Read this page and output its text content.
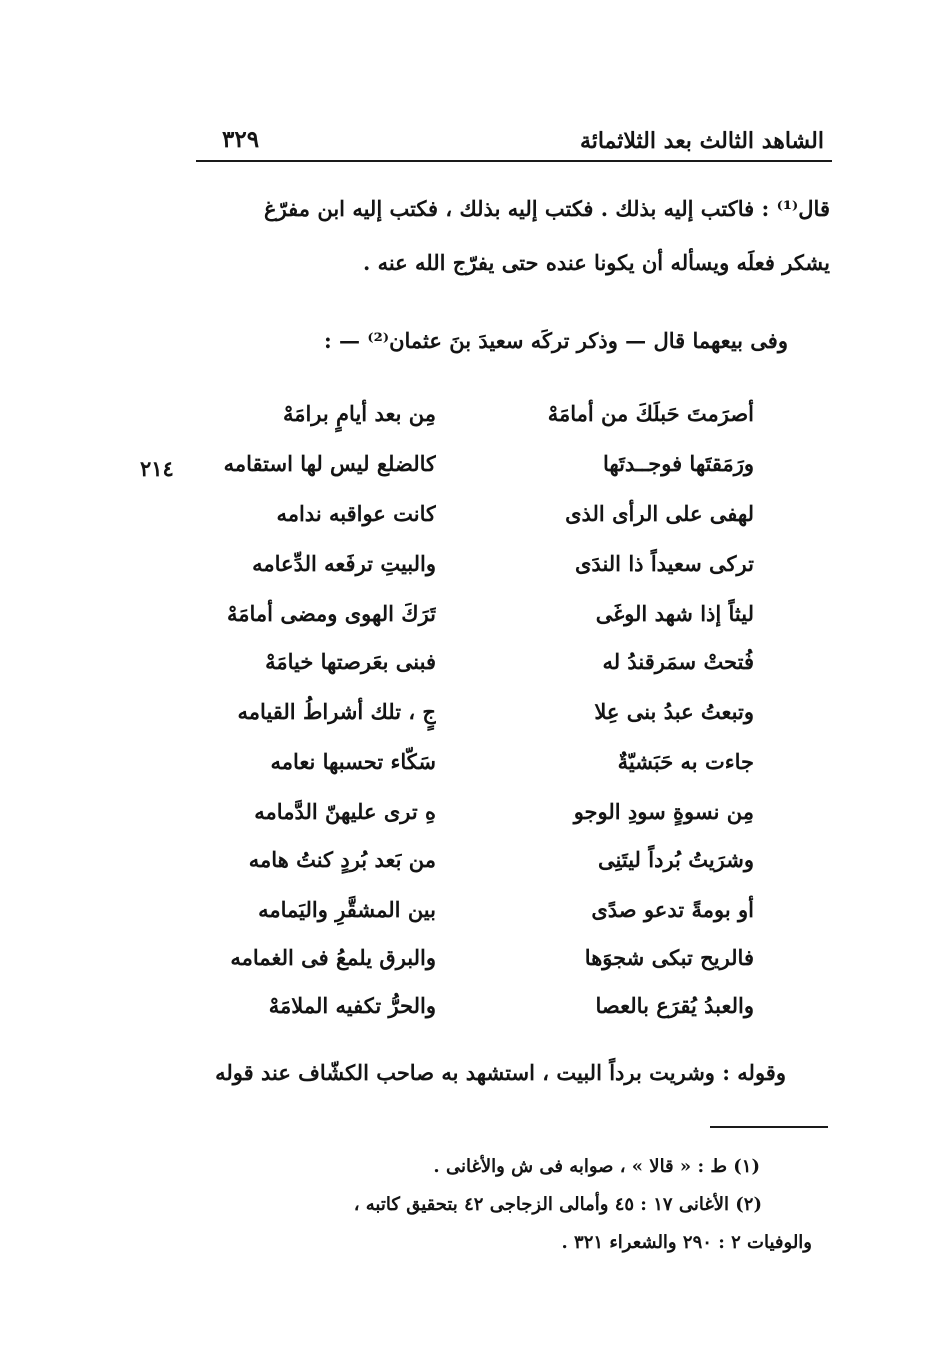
الشاهد الثالث بعد الثلاثمائة
٣٢٩
قال⁽¹⁾ : فاكتب إليه بذلك . فكتب إليه بذلك ، فكتب إليه ابن مفرّغ
يشكر فعلَه ويسأله أن يكونا عنده حتى يفرّج الله عنه .
وفى بيعهما قال — وذكر تركَه سعيدَ بنَ عثمان⁽²⁾ — :
٢١٤
أصرَمتَ حَبلَكَ من أمامَهْ
مِن بعد أيامٍ برامَهْ
ورَمَقتَها فوجــدتَها
كالضلع ليس لها استقامه
لهفى على الرأى الذى
كانت عواقبه ندامه
تركى سعيداً ذا الندَى
والبيتِ ترفَعه الدِّعامه
ليثاً إذا شهد الوغَى
تَرَكَ الهوى ومضى أمامَهْ
فُتحتْ سمَرقندُ له
فبنى بعَرصتها خيامَهْ
وتبعتُ عبدُ بنى عِلا
جٍ ، تلك أشراطُ القيامه
جاءت به حَبَشيّةٌ
سَكّاء تحسبها نعامه
مِن نسوةٍ سودِ الوجو
هِ ترى عليهنّ الدَّمامه
وشرَيتُ بُرداً ليتَنِى
من بَعد بُردٍ كنتُ هامه
أو بومةً تدعو صدًى
بين المشقَّرِ واليَمامه
فالريح تبكى شجوَها
والبرق يلمعُ فى الغمامه
والعبدُ يُقرَع بالعصا
والحرُّ تكفيه الملامَهْ
وقوله : وشريت برداً البيت ، استشهد به صاحب الكشّاف عند قوله
(١) ط : « قالا » ، صوابه فى ش والأغانى .
(٢) الأغانى ١٧ : ٤٥ وأمالى الزجاجى ٤٢ بتحقيق كاتبه ،
والوفيات ٢ : ٢٩٠ والشعراء ٣٢١ .
